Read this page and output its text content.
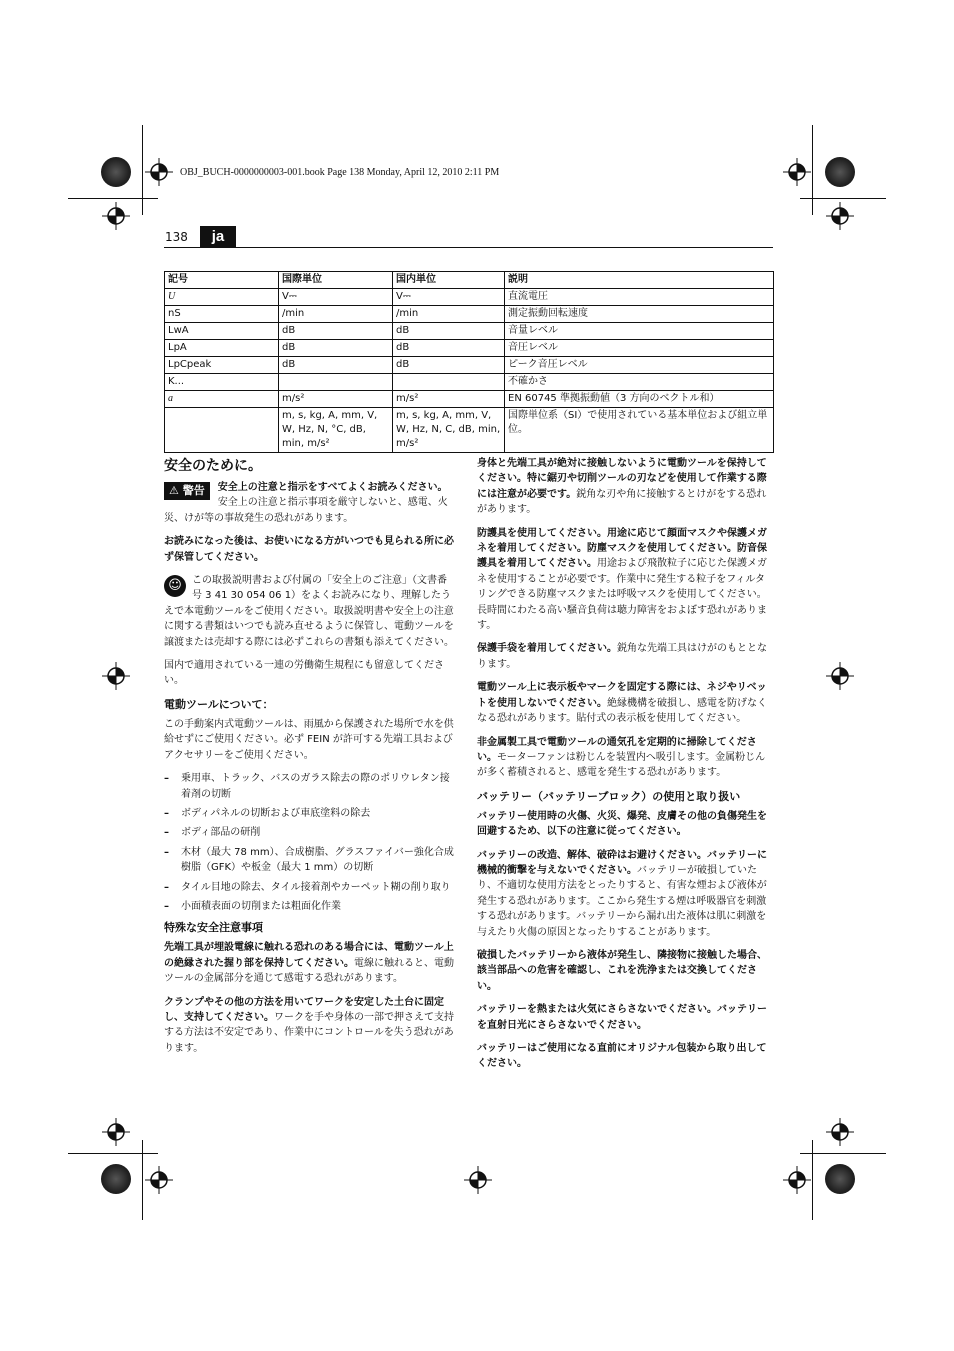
OBJ_BUCH-0000000003-001.book Page 138 Monday, April 12, 2010 2:11 PM
138	ja
記号	国際単位	国内単位	説明
U	V⎓	V⎓	直流電圧
nS	/min	/min	測定振動回転速度
LwA	dB	dB	音量レベル
LpA	dB	dB	音圧レベル
LpCpeak	dB	dB	ピーク音圧レベル
K...			不確かさ
a	m/s²	m/s²	EN 60745 準拠振動値（3 方向のベクトル和）
	m, s, kg, A, mm, V, W, Hz, N, °C, dB, min, m/s²	m, s, kg, A, mm, V, W, Hz, N, C, dB, min, m/s²	国際単位系（SI）で使用されている基本単位および組立単位。
安全のために。

⚠ 警告	安全上の注意と指示をすべてよくお読みください。安全上の注意と指示事項を厳守しないと、感電、火災、けが等の事故発生の恐れがあります。

お読みになった後は、お使いになる方がいつでも見られる所に必ず保管してください。

☺	この取扱説明書および付属の「安全上のご注意」（文書番号 3 41 30 054 06 1）をよくお読みになり、理解したうえで本電動ツールをご使用ください。取扱説明書や安全上の注意に関する書類はいつでも読み直せるように保管し、電動ツールを譲渡または売却する際には必ずこれらの書類も添えてください。

国内で適用されている一連の労働衛生規程にも留意してください。

電動ツールについて：

この手動案内式電動ツールは、雨風から保護された場所で水を供給せずにご使用ください。必ず FEIN が許可する先端工具およびアクセサリーをご使用ください。

– 乗用車、トラック、バスのガラス除去の際のポリウレタン接着剤の切断
– ボディパネルの切断および車底塗料の除去
– ボディ部品の研削
– 木材（最大 78 mm）、合成樹脂、グラスファイバー強化合成樹脂（GFK）や板金（最大 1 mm）の切断
– タイル目地の除去、タイル接着剤やカーペット糊の削り取り
– 小面積表面の切削または粗面化作業
特殊な安全注意事項

先端工具が埋設電線に触れる恐れのある場合には、電動ツール上の絶縁された握り部を保持してください。電線に触れると、電動ツールの金属部分を通じて感電する恐れがあります。

クランプやその他の方法を用いてワークを安定した土台に固定し、支持してください。ワークを手や身体の一部で押さえて支持する方法は不安定であり、作業中にコントロールを失う恐れがあります。

身体と先端工具が絶対に接触しないように電動ツールを保持してください。特に鋸刃や切削ツールの刃などを使用して作業する際には注意が必要です。鋭角な刃や角に接触するとけがをする恐れがあります。

防護具を使用してください。用途に応じて顔面マスクや保護メガネを着用してください。防塵マスクを使用してください。防音保護具を着用してください。用途および飛散粒子に応じた保護メガネを使用することが必要です。作業中に発生する粒子をフィルタリングできる防塵マスクまたは呼吸マスクを使用してください。長時間にわたる高い騒音負荷は聴力障害をおよぼす恐れがあります。

保護手袋を着用してください。鋭角な先端工具はけがのもととなります。

電動ツール上に表示板やマークを固定する際には、ネジやリベットを使用しないでください。絶縁機構を破損し、感電を防げなくなる恐れがあります。貼付式の表示板を使用してください。

非金属製工具で電動ツールの通気孔を定期的に掃除してください。モーターファンは粉じんを装置内へ吸引します。金属粉じんが多く蓄積されると、感電を発生する恐れがあります。

バッテリー（バッテリーブロック）の使用と取り扱い

バッテリー使用時の火傷、火災、爆発、皮膚その他の負傷発生を回避するため、以下の注意に従ってください。

バッテリーの改造、解体、破砕はお避けください。バッテリーに機械的衝撃を与えないでください。バッテリーが破損していたり、不適切な使用方法をとったりすると、有害な煙および液体が発生する恐れがあります。ここから発生する煙は呼吸器官を刺激する恐れがあります。バッテリーから漏れ出た液体は肌に刺激を与えたり火傷の原因となったりすることがあります。

破損したバッテリーから液体が発生し、隣接物に接触した場合、該当部品への危害を確認し、これを洗浄または交換してください。

バッテリーを熱または火気にさらさないでください。バッテリーを直射日光にさらさないでください。

バッテリーはご使用になる直前にオリジナル包装から取り出してください。
